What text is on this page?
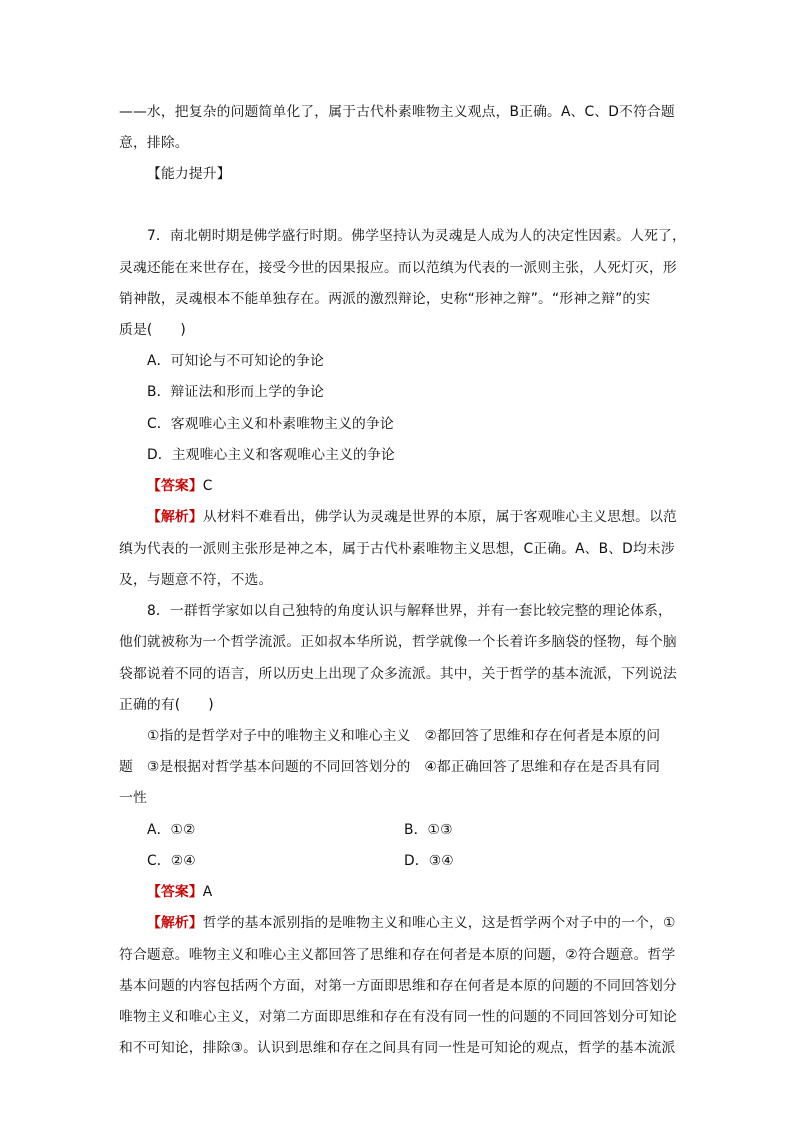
——水，把复杂的问题简单化了，属于古代朴素唯物主义观点，B正确。A、C、D不符合题
意，排除。
【能力提升】
7．南北朝时期是佛学盛行时期。佛学坚持认为灵魂是人成为人的决定性因素。人死了，
灵魂还能在来世存在，接受今世的因果报应。而以范缜为代表的一派则主张，人死灯灭，形
销神散，灵魂根本不能单独存在。两派的激烈辩论，史称“形神之辩”。“形神之辩”的实
质是(　　)
A．可知论与不可知论的争论
B．辩证法和形而上学的争论
C．客观唯心主义和朴素唯物主义的争论
D．主观唯心主义和客观唯心主义的争论
【答案】C
【解析】从材料不难看出，佛学认为灵魂是世界的本原，属于客观唯心主义思想。以范
缜为代表的一派则主张形是神之本，属于古代朴素唯物主义思想，C正确。A、B、D均未涉
及，与题意不符，不选。
8．一群哲学家如以自己独特的角度认识与解释世界，并有一套比较完整的理论体系，
他们就被称为一个哲学流派。正如叔本华所说，哲学就像一个长着许多脑袋的怪物，每个脑
袋都说着不同的语言，所以历史上出现了众多流派。其中，关于哲学的基本流派，下列说法
正确的有(　　)
①指的是哲学对子中的唯物主义和唯心主义　②都回答了思维和存在何者是本原的问
题　③是根据对哲学基本问题的不同回答划分的　④都正确回答了思维和存在是否具有同
一性
A．①②	B．①③
C．②④	D．③④
【答案】A
【解析】哲学的基本派别指的是唯物主义和唯心主义，这是哲学两个对子中的一个，①
符合题意。唯物主义和唯心主义都回答了思维和存在何者是本原的问题，②符合题意。哲学
基本问题的内容包括两个方面，对第一方面即思维和存在何者是本原的问题的不同回答划分
唯物主义和唯心主义，对第二方面即思维和存在有没有同一性的问题的不同回答划分可知论
和不可知论，排除③。认识到思维和存在之间具有同一性是可知论的观点，哲学的基本流派
